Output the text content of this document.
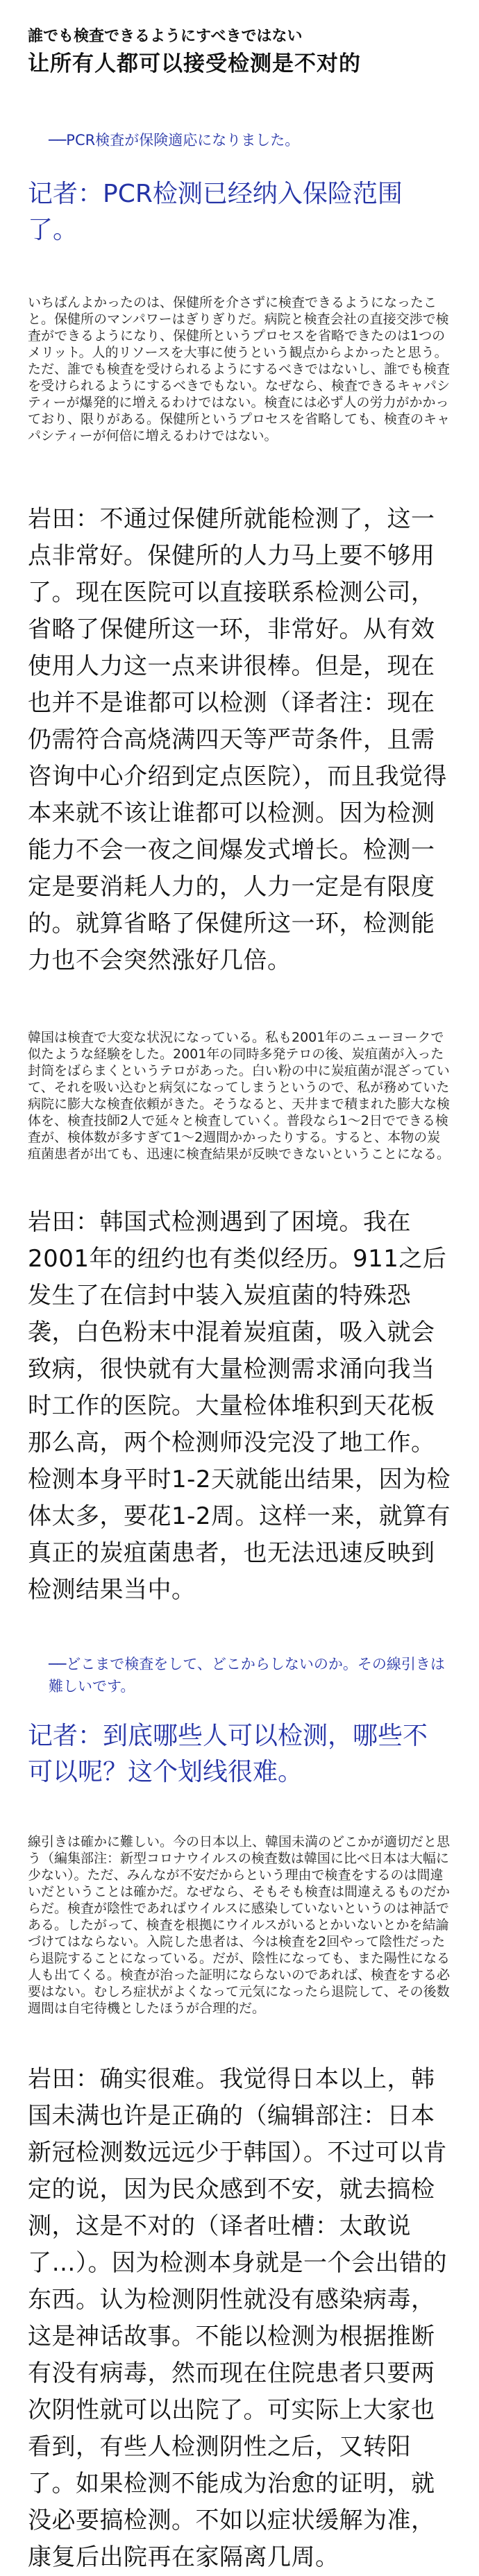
誰でも検査できるようにすべきではない
让所有人都可以接受检测是不对的

──PCR検査が保険適応になりました。

记者：PCR检测已经纳入保险范围了。

いちばんよかったのは、保健所を介さずに検査できるようになったこと。保健所のマンパワーはぎりぎりだ。病院と検査会社の直接交渉で検査ができるようになり、保健所というプロセスを省略できたのは1つのメリット。人的リソースを大事に使うという観点からよかったと思う。ただ、誰でも検査を受けられるようにするべきではないし、誰でも検査を受けられるようにするべきでもない。なぜなら、検査できるキャパシティーが爆発的に増えるわけではない。検査には必ず人の労力がかかっており、限りがある。保健所というプロセスを省略しても、検査のキャパシティーが何倍に増えるわけではない。

岩田：不通过保健所就能检测了，这一点非常好。保健所的人力马上要不够用了。现在医院可以直接联系检测公司，省略了保健所这一环，非常好。从有效使用人力这一点来讲很棒。但是，现在也并不是谁都可以检测（译者注：现在仍需符合高烧满四天等严苛条件，且需咨询中心介绍到定点医院），而且我觉得本来就不该让谁都可以检测。因为检测能力不会一夜之间爆发式增长。检测一定是要消耗人力的，人力一定是有限度的。就算省略了保健所这一环，检测能力也不会突然涨好几倍。

韓国は検査で大変な状況になっている。私も2001年のニューヨークで似たような経験をした。2001年の同時多発テロの後、炭疽菌が入った封筒をばらまくというテロがあった。白い粉の中に炭疽菌が混ざっていて、それを吸い込むと病気になってしまうというので、私が務めていた病院に膨大な検査依頼がきた。そうなると、天井まで積まれた膨大な検体を、検査技師2人で延々と検査していく。普段なら1〜2日でできる検査が、検体数が多すぎて1〜2週間かかったりする。すると、本物の炭疽菌患者が出ても、迅速に検査結果が反映できないということになる。

岩田：韩国式检测遇到了困境。我在2001年的纽约也有类似经历。911之后发生了在信封中装入炭疽菌的特殊恐袭，白色粉末中混着炭疽菌，吸入就会致病，很快就有大量检测需求涌向我当时工作的医院。大量检体堆积到天花板那么高，两个检测师没完没了地工作。检测本身平时1-2天就能出结果，因为检体太多，要花1-2周。这样一来，就算有真正的炭疽菌患者，也无法迅速反映到检测结果当中。

──どこまで検査をして、どこからしないのか。その線引きは難しいです。

记者：到底哪些人可以检测，哪些不可以呢？这个划线很难。

線引きは確かに難しい。今の日本以上、韓国未満のどこかが適切だと思う（編集部注：新型コロナウイルスの検査数は韓国に比べ日本は大幅に少ない）。ただ、みんなが不安だからという理由で検査をするのは間違いだということは確かだ。なぜなら、そもそも検査は間違えるものだからだ。検査が陰性であればウイルスに感染していないというのは神話である。したがって、検査を根拠にウイルスがいるとかいないとかを結論づけてはならない。入院した患者は、今は検査を2回やって陰性だったら退院することになっている。だが、陰性になっても、また陽性になる人も出てくる。検査が治った証明にならないのであれば、検査をする必要はない。むしろ症状がよくなって元気になったら退院して、その後数週間は自宅待機としたほうが合理的だ。

岩田：确实很难。我觉得日本以上，韩国未满也许是正确的（编辑部注：日本新冠检测数远远少于韩国）。不过可以肯定的说，因为民众感到不安，就去搞检测，这是不对的（译者吐槽：太敢说了…）。因为检测本身就是一个会出错的东西。认为检测阴性就没有感染病毒，这是神话故事。不能以检测为根据推断有没有病毒，然而现在住院患者只要两次阴性就可以出院了。可实际上大家也看到，有些人检测阴性之后，又转阳了。如果检测不能成为治愈的证明，就没必要搞检测。不如以症状缓解为准，康复后出院再在家隔离几周。
